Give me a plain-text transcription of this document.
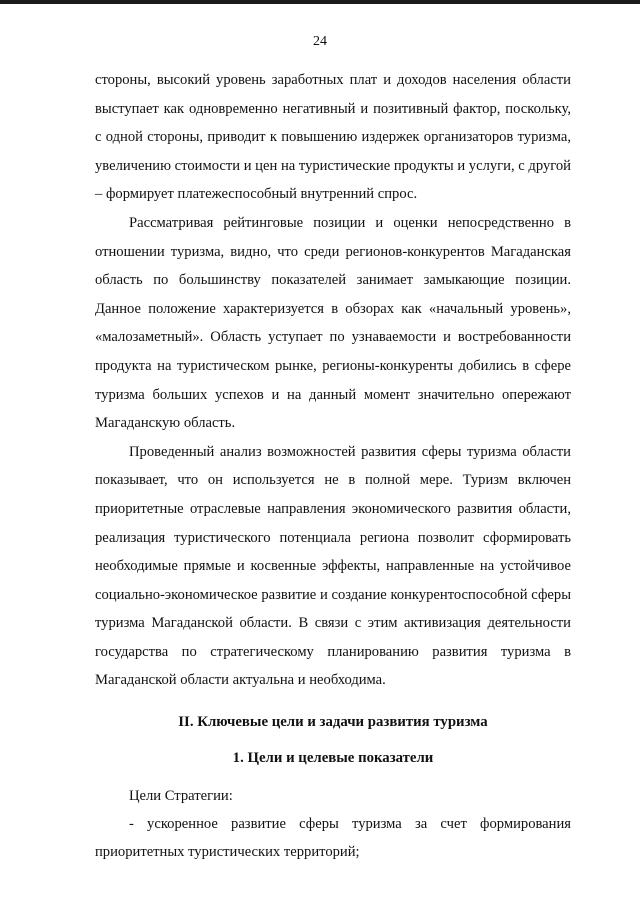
24

стороны, высокий уровень заработных плат и доходов населения области выступает как одновременно негативный и позитивный фактор, поскольку, с одной стороны, приводит к повышению издержек организаторов туризма, увеличению стоимости и цен на туристические продукты и услуги, с другой – формирует платежеспособный внутренний спрос.

Рассматривая рейтинговые позиции и оценки непосредственно в отношении туризма, видно, что среди регионов-конкурентов Магаданская область по большинству показателей занимает замыкающие позиции. Данное положение характеризуется в обзорах как «начальный уровень», «малозаметный». Область уступает по узнаваемости и востребованности продукта на туристическом рынке, регионы-конкуренты добились в сфере туризма больших успехов и на данный момент значительно опережают Магаданскую область.

Проведенный анализ возможностей развития сферы туризма области показывает, что он используется не в полной мере. Туризм включен приоритетные отраслевые направления экономического развития области, реализация туристического потенциала региона позволит сформировать необходимые прямые и косвенные эффекты, направленные на устойчивое социально-экономическое развитие и создание конкурентоспособной сферы туризма Магаданской области. В связи с этим активизация деятельности государства по стратегическому планированию развития туризма в Магаданской области актуальна и необходима.

II. Ключевые цели и задачи развития туризма
1. Цели и целевые показатели

Цели Стратегии:

- ускоренное развитие сферы туризма за счет формирования приоритетных туристических территорий;
